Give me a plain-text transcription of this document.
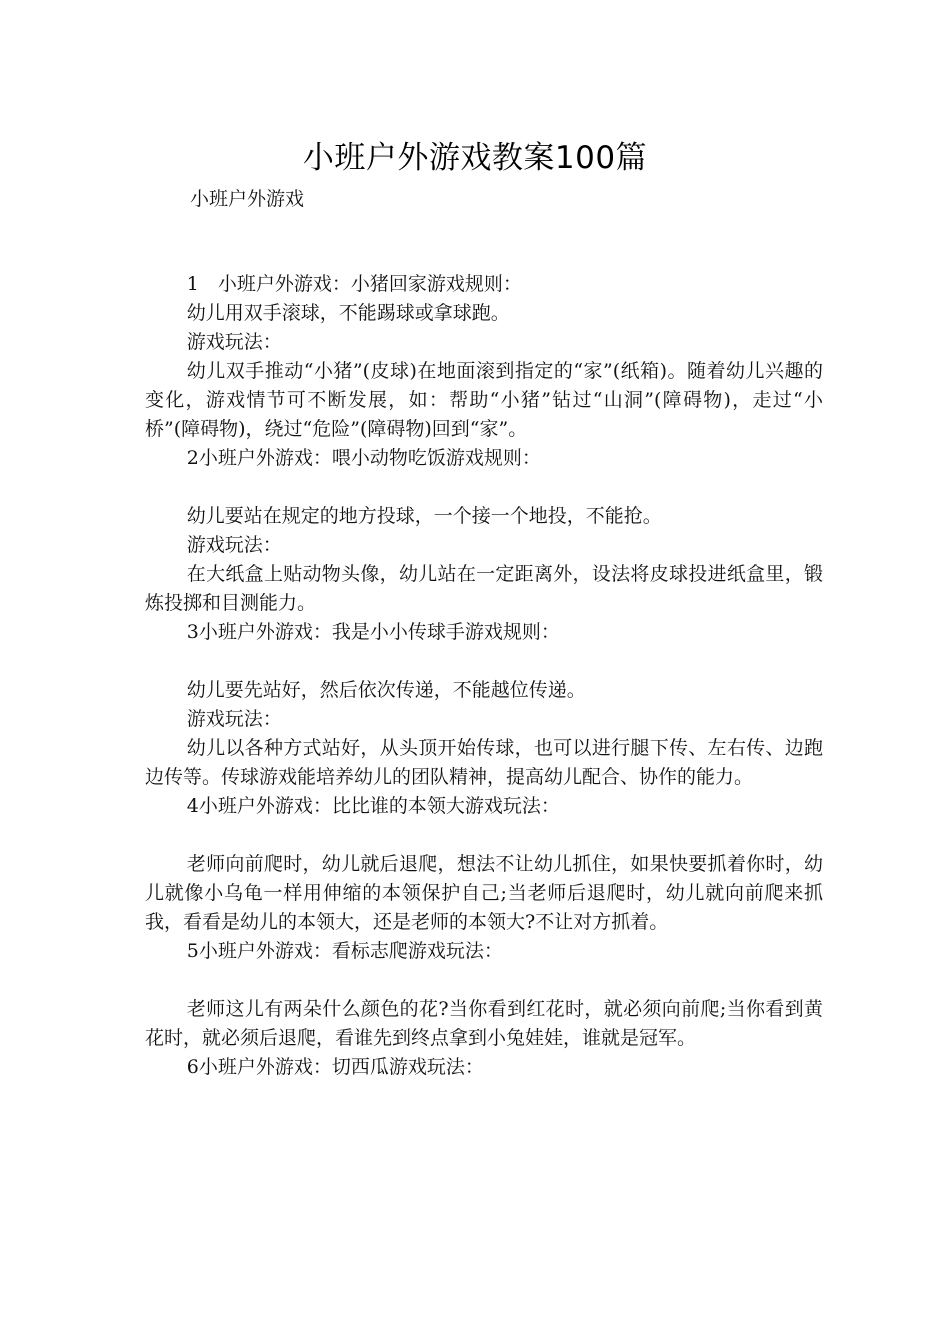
小班户外游戏教案100篇
小班户外游戏

1　小班户外游戏：小猪回家游戏规则：

幼儿用双手滚球，不能踢球或拿球跑。

游戏玩法：

幼儿双手推动“小猪”(皮球)在地面滚到指定的“家”(纸箱)。随着幼儿兴趣的变化，游戏情节可不断发展，如：帮助“小猪”钻过“山洞”(障碍物)，走过“小桥”(障碍物)，绕过“危险”(障碍物)回到“家”。

2小班户外游戏：喂小动物吃饭游戏规则：

幼儿要站在规定的地方投球，一个接一个地投，不能抢。

游戏玩法：

在大纸盒上贴动物头像，幼儿站在一定距离外，设法将皮球投进纸盒里，锻炼投掷和目测能力。

3小班户外游戏：我是小小传球手游戏规则：

幼儿要先站好，然后依次传递，不能越位传递。

游戏玩法：

幼儿以各种方式站好，从头顶开始传球，也可以进行腿下传、左右传、边跑边传等。传球游戏能培养幼儿的团队精神，提高幼儿配合、协作的能力。

4小班户外游戏：比比谁的本领大游戏玩法：

老师向前爬时，幼儿就后退爬，想法不让幼儿抓住，如果快要抓着你时，幼儿就像小乌龟一样用伸缩的本领保护自己;当老师后退爬时，幼儿就向前爬来抓我，看看是幼儿的本领大，还是老师的本领大?不让对方抓着。

5小班户外游戏：看标志爬游戏玩法：

老师这儿有两朵什么颜色的花?当你看到红花时，就必须向前爬;当你看到黄花时，就必须后退爬，看谁先到终点拿到小兔娃娃，谁就是冠军。

6小班户外游戏：切西瓜游戏玩法：
